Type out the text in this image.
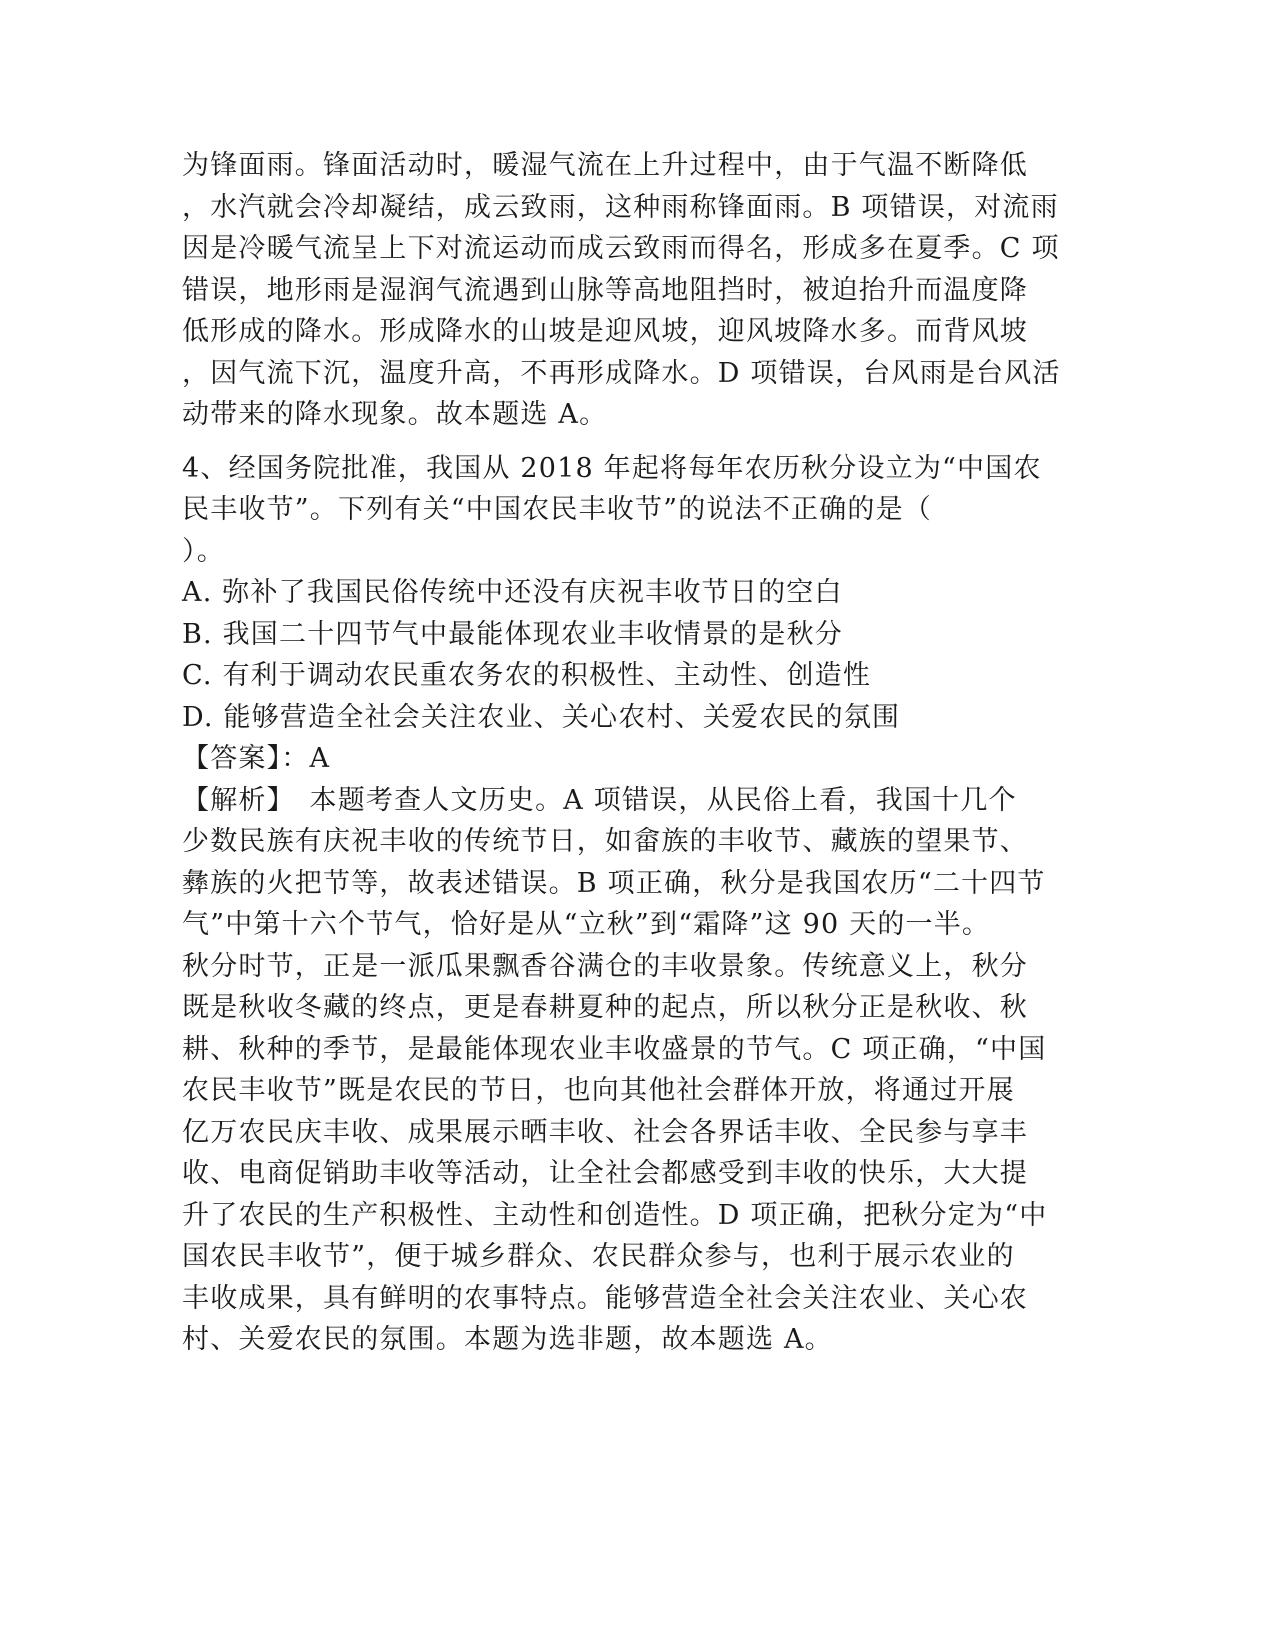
为锋面雨。锋面活动时，暖湿气流在上升过程中，由于气温不断降低
，水汽就会冷却凝结，成云致雨，这种雨称锋面雨。B 项错误，对流雨
因是冷暖气流呈上下对流运动而成云致雨而得名，形成多在夏季。C 项
错误，地形雨是湿润气流遇到山脉等高地阻挡时，被迫抬升而温度降
低形成的降水。形成降水的山坡是迎风坡，迎风坡降水多。而背风坡
，因气流下沉，温度升高，不再形成降水。D 项错误，台风雨是台风活
动带来的降水现象。故本题选 A。
4、经国务院批准，我国从 2018 年起将每年农历秋分设立为“中国农
民丰收节”。下列有关“中国农民丰收节”的说法不正确的是（
）。
A. 弥补了我国民俗传统中还没有庆祝丰收节日的空白
B. 我国二十四节气中最能体现农业丰收情景的是秋分
C. 有利于调动农民重农务农的积极性、主动性、创造性
D. 能够营造全社会关注农业、关心农村、关爱农民的氛围
【答案】：A
【解析】　本题考查人文历史。A 项错误，从民俗上看，我国十几个
少数民族有庆祝丰收的传统节日，如畲族的丰收节、藏族的望果节、
彝族的火把节等，故表述错误。B 项正确，秋分是我国农历“二十四节
气”中第十六个节气，恰好是从“立秋”到“霜降”这 90 天的一半。
秋分时节，正是一派瓜果飘香谷满仓的丰收景象。传统意义上，秋分
既是秋收冬藏的终点，更是春耕夏种的起点，所以秋分正是秋收、秋
耕、秋种的季节，是最能体现农业丰收盛景的节气。C 项正确，“中国
农民丰收节”既是农民的节日，也向其他社会群体开放，将通过开展
亿万农民庆丰收、成果展示晒丰收、社会各界话丰收、全民参与享丰
收、电商促销助丰收等活动，让全社会都感受到丰收的快乐，大大提
升了农民的生产积极性、主动性和创造性。D 项正确，把秋分定为“中
国农民丰收节”，便于城乡群众、农民群众参与，也利于展示农业的
丰收成果，具有鲜明的农事特点。能够营造全社会关注农业、关心农
村、关爱农民的氛围。本题为选非题，故本题选 A。
